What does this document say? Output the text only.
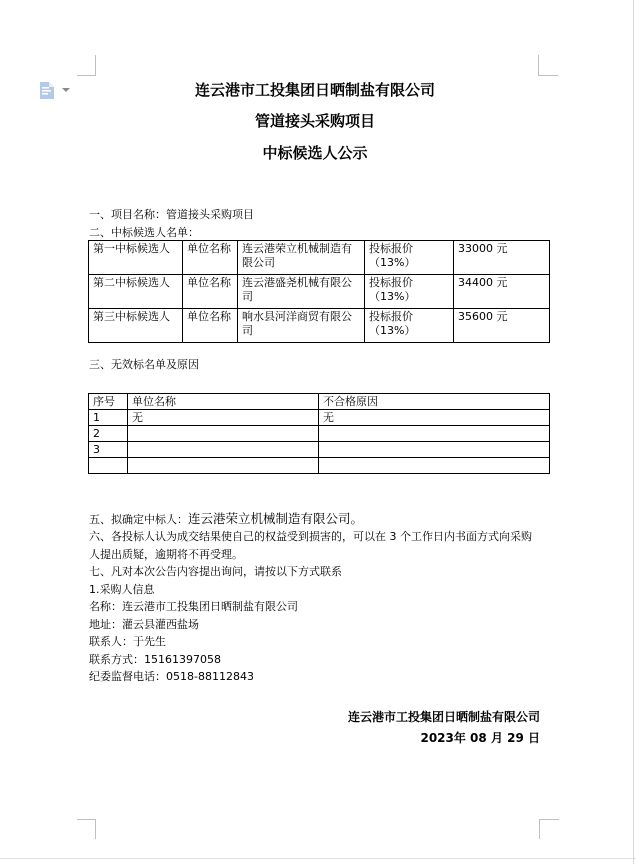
连云港市工投集团日晒制盐有限公司
管道接头采购项目
中标候选人公示
一、项目名称：管道接头采购项目
二、中标候选人名单：
第一中标候选人	单位名称	连云港荣立机械制造有限公司	投标报价（13%）	33000 元
第二中标候选人	单位名称	连云港盛尧机械有限公司	投标报价（13%）	34400 元
第三中标候选人	单位名称	响水县河洋商贸有限公司	投标报价（13%）	35600 元
三、无效标名单及原因
序号	单位名称	不合格原因
1	无	无
2		
3		

五、拟确定中标人：连云港荣立机械制造有限公司。
六、各投标人认为成交结果使自己的权益受到损害的，可以在 3 个工作日内书面方式向采购
人提出质疑，逾期将不再受理。
七、凡对本次公告内容提出询问，请按以下方式联系
1.采购人信息
名称：连云港市工投集团日晒制盐有限公司
地址：灌云县灌西盐场
联系人：于先生
联系方式：15161397058
纪委监督电话：0518-88112843
连云港市工投集团日晒制盐有限公司
2023年 08 月 29 日
